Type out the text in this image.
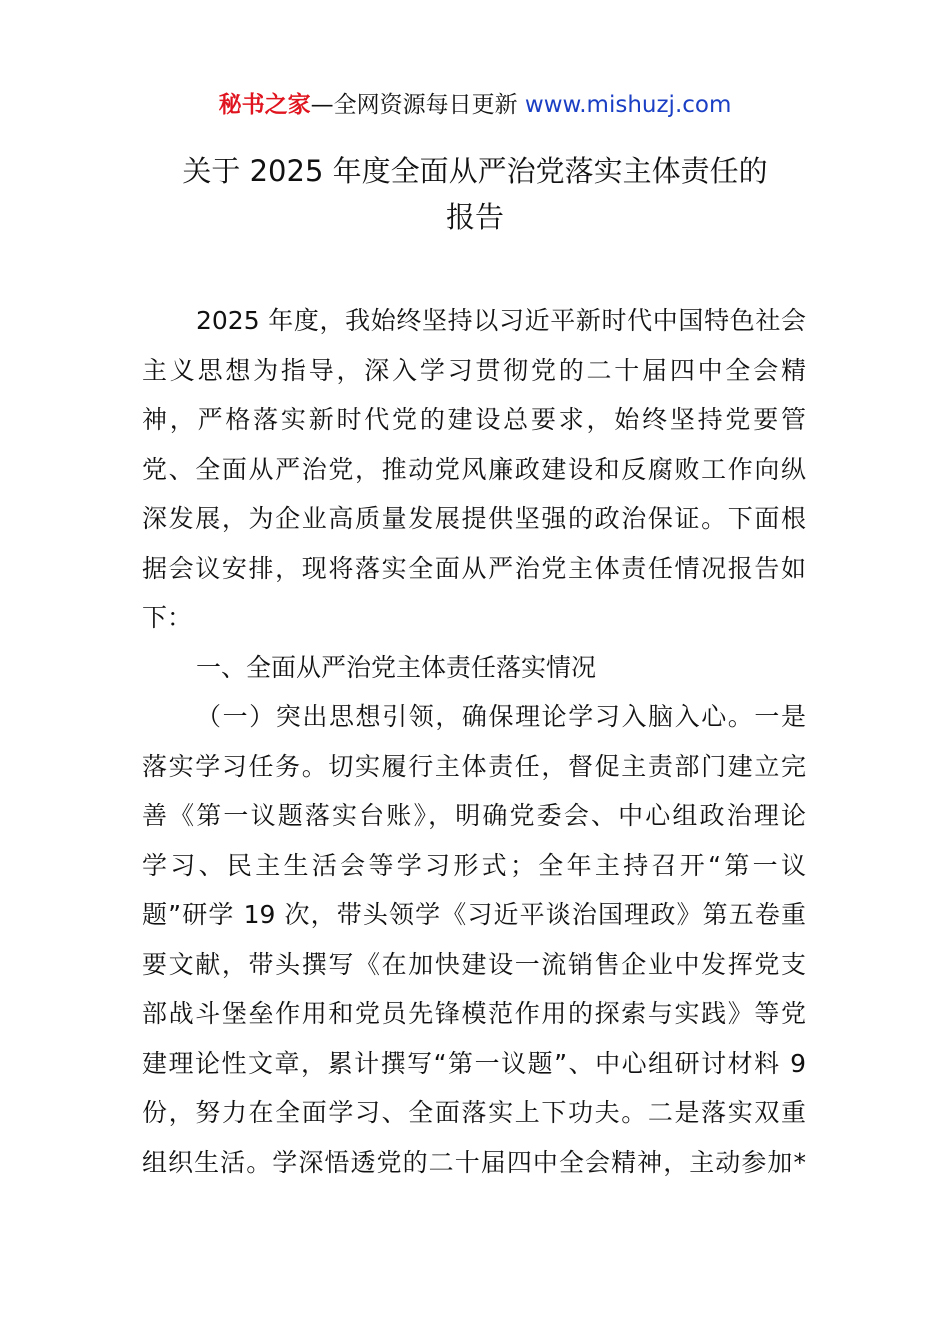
秘书之家—全网资源每日更新 www.mishuzj.com
关于 2025 年度全面从严治党落实主体责任的
报告
2025 年度，我始终坚持以习近平新时代中国特色社会
主义思想为指导，深入学习贯彻党的二十届四中全会精
神，严格落实新时代党的建设总要求，始终坚持党要管
党、全面从严治党，推动党风廉政建设和反腐败工作向纵
深发展，为企业高质量发展提供坚强的政治保证。下面根
据会议安排，现将落实全面从严治党主体责任情况报告如
下：
一、全面从严治党主体责任落实情况
（一）突出思想引领，确保理论学习入脑入心。一是
落实学习任务。切实履行主体责任，督促主责部门建立完
善《第一议题落实台账》，明确党委会、中心组政治理论
学习、民主生活会等学习形式；全年主持召开“第一议
题”研学 19 次，带头领学《习近平谈治国理政》第五卷重
要文献，带头撰写《在加快建设一流销售企业中发挥党支
部战斗堡垒作用和党员先锋模范作用的探索与实践》等党
建理论性文章，累计撰写“第一议题”、中心组研讨材料 9
份，努力在全面学习、全面落实上下功夫。二是落实双重
组织生活。学深悟透党的二十届四中全会精神，主动参加*
